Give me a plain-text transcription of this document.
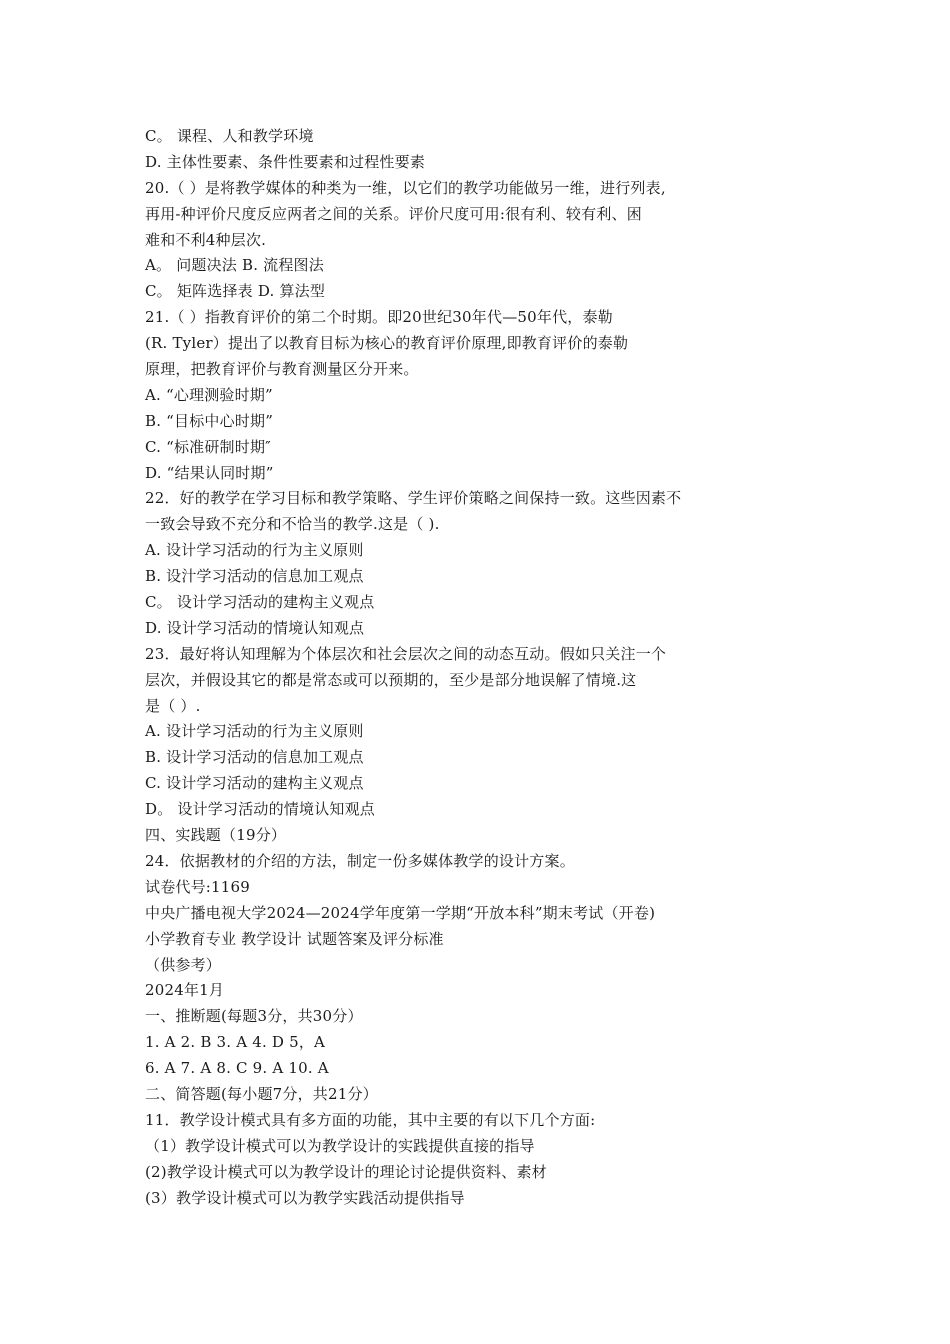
C。 课程、人和教学环境
D. 主体性要素、条件性要素和过程性要素
20.（ ）是将教学媒体的种类为一维，以它们的教学功能做另一维，进行列表,
再用-种评价尺度反应两者之间的关系。评价尺度可用:很有利、较有利、困
难和不利4种层次.
A。 问题决法 B. 流程图法
C。 矩阵选择表 D. 算法型
21.（ ）指教育评价的第二个时期。即20世纪30年代—50年代，泰勒
(R. Tyler）提出了以教育目标为核心的教育评价原理,即教育评价的泰勒
原理，把教育评价与教育测量区分开来。
A. “心理测验时期”
B. “目标中心时期”
C. “标准研制时期″
D. “结果认同时期”
22．好的教学在学习目标和教学策略、学生评价策略之间保持一致。这些因素不
一致会导致不充分和不恰当的教学.这是（ ).
A. 设计学习活动的行为主义原则
B. 设汁学习活动的信息加工观点
C。 设计学习活动的建构主义观点
D. 设计学习活动的情境认知观点
23．最好将认知理解为个体层次和社会层次之间的动态互动。假如只关注一个
层次，并假设其它的都是常态或可以预期的，至少是部分地误解了情境.这
是（ ）.
A. 设计学习活动的行为主义原则
B. 设计学习活动的信息加工观点
C. 设计学习活动的建构主义观点
D。 设计学习活动的情境认知观点
四、实践题（19分）
24．依据教材的介绍的方法，制定一份多媒体教学的设计方案。
试卷代号:1169
中央广播电视大学2024—2024学年度第一学期“开放本科”期末考试（开卷)
小学教育专业 教学设计 试题答案及评分标准
（供参考）
2024年1月
一、推断题(每题3分，共30分）
1. A 2. B 3. A 4. D 5，A
6. A 7. A 8. C 9. A 10. A
二、简答题(每小题7分，共21分）
11．教学设计模式具有多方面的功能，其中主要的有以下几个方面:
（1）教学设计模式可以为教学设计的实践提供直接的指导
(2)教学设计模式可以为教学设计的理论讨论提供资料、素材
(3）教学设计模式可以为教学实践活动提供指导
